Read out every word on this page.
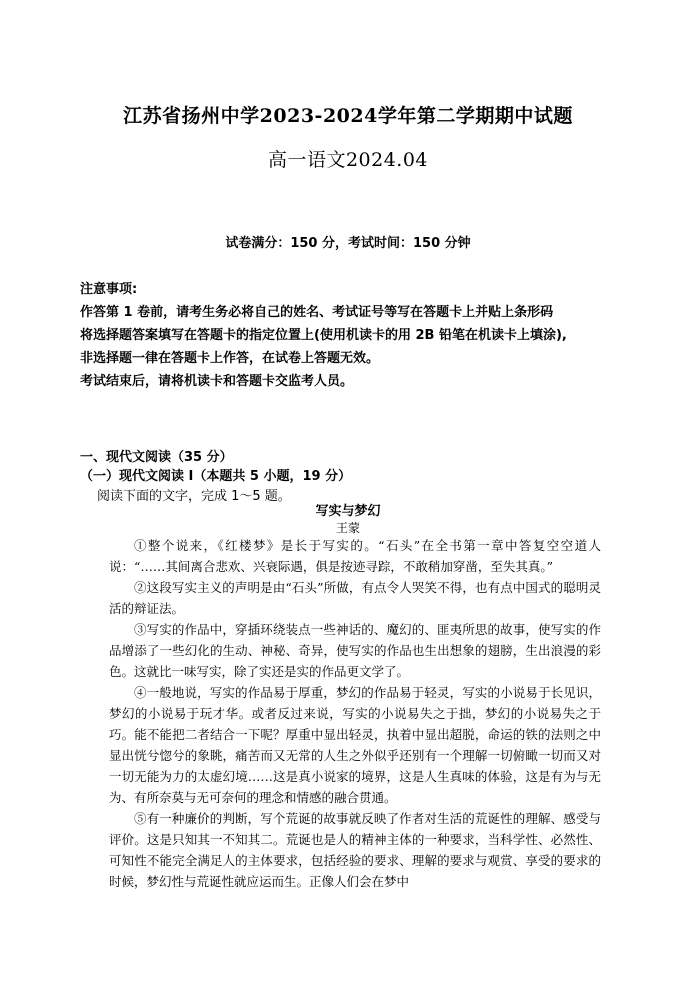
江苏省扬州中学2023-2024学年第二学期期中试题
高一语文2024.04
试卷满分：150 分，考试时间：150 分钟
注意事项:
作答第 1 卷前，请考生务必将自己的姓名、考试证号等写在答题卡上并贴上条形码
将选择题答案填写在答题卡的指定位置上(使用机读卡的用 2B 铅笔在机读卡上填涂),
非选择题一律在答题卡上作答，在试卷上答题无效。
考试结束后，请将机读卡和答题卡交监考人员。
一、现代文阅读（35 分）
（一）现代文阅读 I（本题共 5 小题，19 分）
阅读下面的文字，完成 1～5 题。
写实与梦幻
王蒙

①整个说来，《红楼梦》是长于写实的。“石头”在全书第一章中答复空空道人说：“……其间离合悲欢、兴衰际遇，俱是按迹寻踪，不敢稍加穿凿，至失其真。”

②这段写实主义的声明是由“石头”所做，有点令人哭笑不得，也有点中国式的聪明灵活的辩证法。

③写实的作品中，穿插环绕装点一些神话的、魔幻的、匪夷所思的故事，使写实的作品增添了一些幻化的生动、神秘、奇异，使写实的作品也生出想象的翅膀，生出浪漫的彩色。这就比一味写实，除了实还是实的作品更文学了。

④一般地说，写实的作品易于厚重，梦幻的作品易于轻灵，写实的小说易于长见识，梦幻的小说易于玩才华。或者反过来说，写实的小说易失之于拙，梦幻的小说易失之于巧。能不能把二者结合一下呢？厚重中显出轻灵，执着中显出超脱，命运的铁的法则之中显出恍兮惚兮的象眺，痛苦而又无常的人生之外似乎还别有一个理解一切俯瞰一切而又对一切无能为力的太虚幻境……这是真小说家的境界，这是人生真味的体验，这是有为与无为、有所奈莫与无可奈何的理念和情感的融合贯通。

⑤有一种廉价的判断，写个荒诞的故事就反映了作者对生活的荒诞性的理解、感受与评价。这是只知其一不知其二。荒诞也是人的精神主体的一种要求，当科学性、必然性、可知性不能完全满足人的主体要求，包括经验的要求、理解的要求与观赏、享受的要求的时候，梦幻性与荒诞性就应运而生。正像人们会在梦中
